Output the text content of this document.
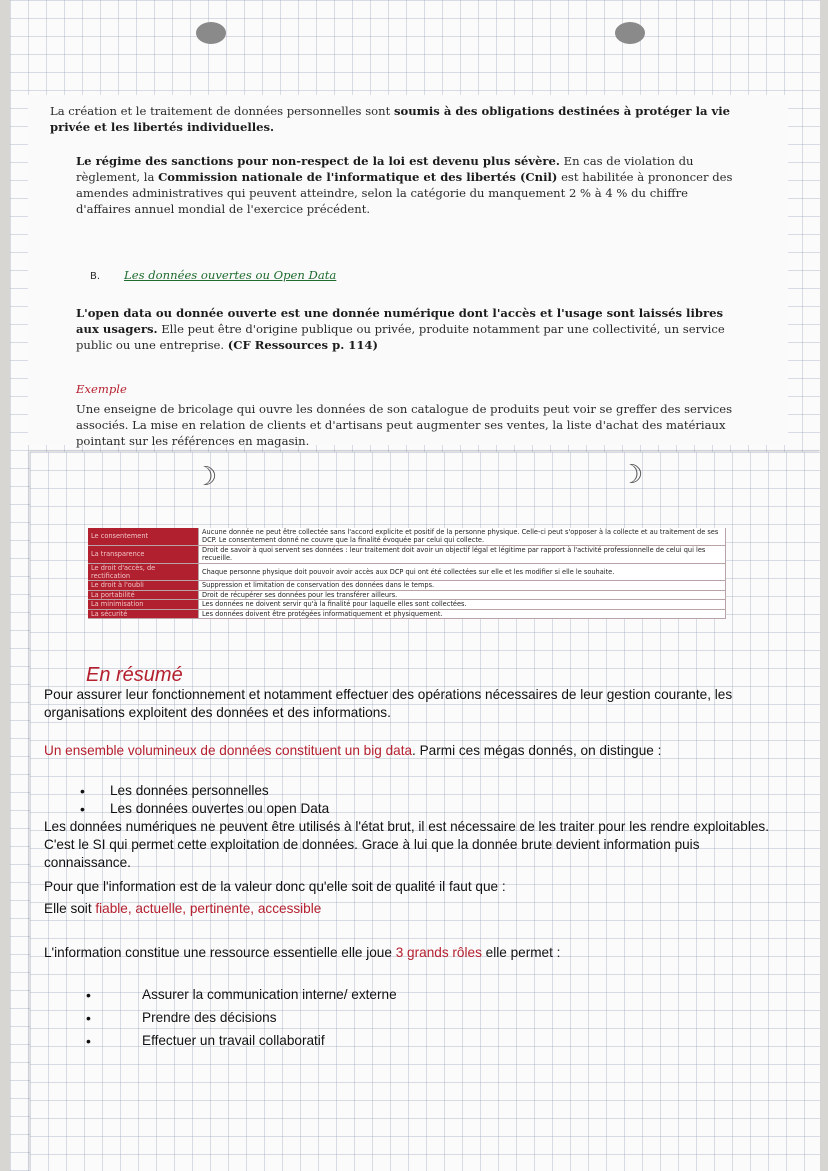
La création et le traitement de données personnelles sont soumis à des obligations destinées à protéger la vie privée et les libertés individuelles.

Le régime des sanctions pour non-respect de la loi est devenu plus sévère. En cas de violation du règlement, la Commission nationale de l'informatique et des libertés (Cnil) est habilitée à prononcer des amendes administratives qui peuvent atteindre, selon la catégorie du manquement 2 % à 4 % du chiffre d'affaires annuel mondial de l'exercice précédent.

B. Les données ouvertes ou Open Data

L'open data ou donnée ouverte est une donnée numérique dont l'accès et l'usage sont laissés libres aux usagers. Elle peut être d'origine publique ou privée, produite notamment par une collectivité, un service public ou une entreprise. (CF Ressources p. 114)

Exemple

Une enseigne de bricolage qui ouvre les données de son catalogue de produits peut voir se greffer des services associés. La mise en relation de clients et d'artisans peut augmenter ses ventes, la liste d'achat des matériaux pointant sur les références en magasin.

☽	☽
Le consentement	Aucune donnée ne peut être collectée sans l'accord explicite et positif de la personne physique. Celle-ci peut s'opposer à la collecte et au traitement de ses DCP. Le consentement donné ne couvre que la finalité évoquée par celui qui collecte.
La transparence	Droit de savoir à quoi servent ses données : leur traitement doit avoir un objectif légal et légitime par rapport à l'activité professionnelle de celui qui les recueille.
Le droit d'accès, de rectification	Chaque personne physique doit pouvoir avoir accès aux DCP qui ont été collectées sur elle et les modifier si elle le souhaite.
Le droit à l'oubli	Suppression et limitation de conservation des données dans le temps.
La portabilité	Droit de récupérer ses données pour les transférer ailleurs.
La minimisation	Les données ne doivent servir qu'à la finalité pour laquelle elles sont collectées.
La sécurité	Les données doivent être protégées informatiquement et physiquement.
En résumé

Pour assurer leur fonctionnement et notamment effectuer des opérations nécessaires de leur gestion courante, les organisations exploitent des données et des informations.

Un ensemble volumineux de données constituent un big data. Parmi ces mégas donnés, on distingue :

• Les données personnelles
• Les données ouvertes ou open Data

Les données numériques ne peuvent être utilisés à l'état brut, il est nécessaire de les traiter pour les rendre exploitables. C'est le SI qui permet cette exploitation de données. Grace à lui que la donnée brute devient information puis connaissance.

Pour que l'information est de la valeur donc qu'elle soit de qualité il faut que :

Elle soit fiable, actuelle, pertinente, accessible

L'information constitue une ressource essentielle elle joue 3 grands rôles elle permet :

•	Assurer la communication interne/ externe
•	Prendre des décisions
•	Effectuer un travail collaboratif
